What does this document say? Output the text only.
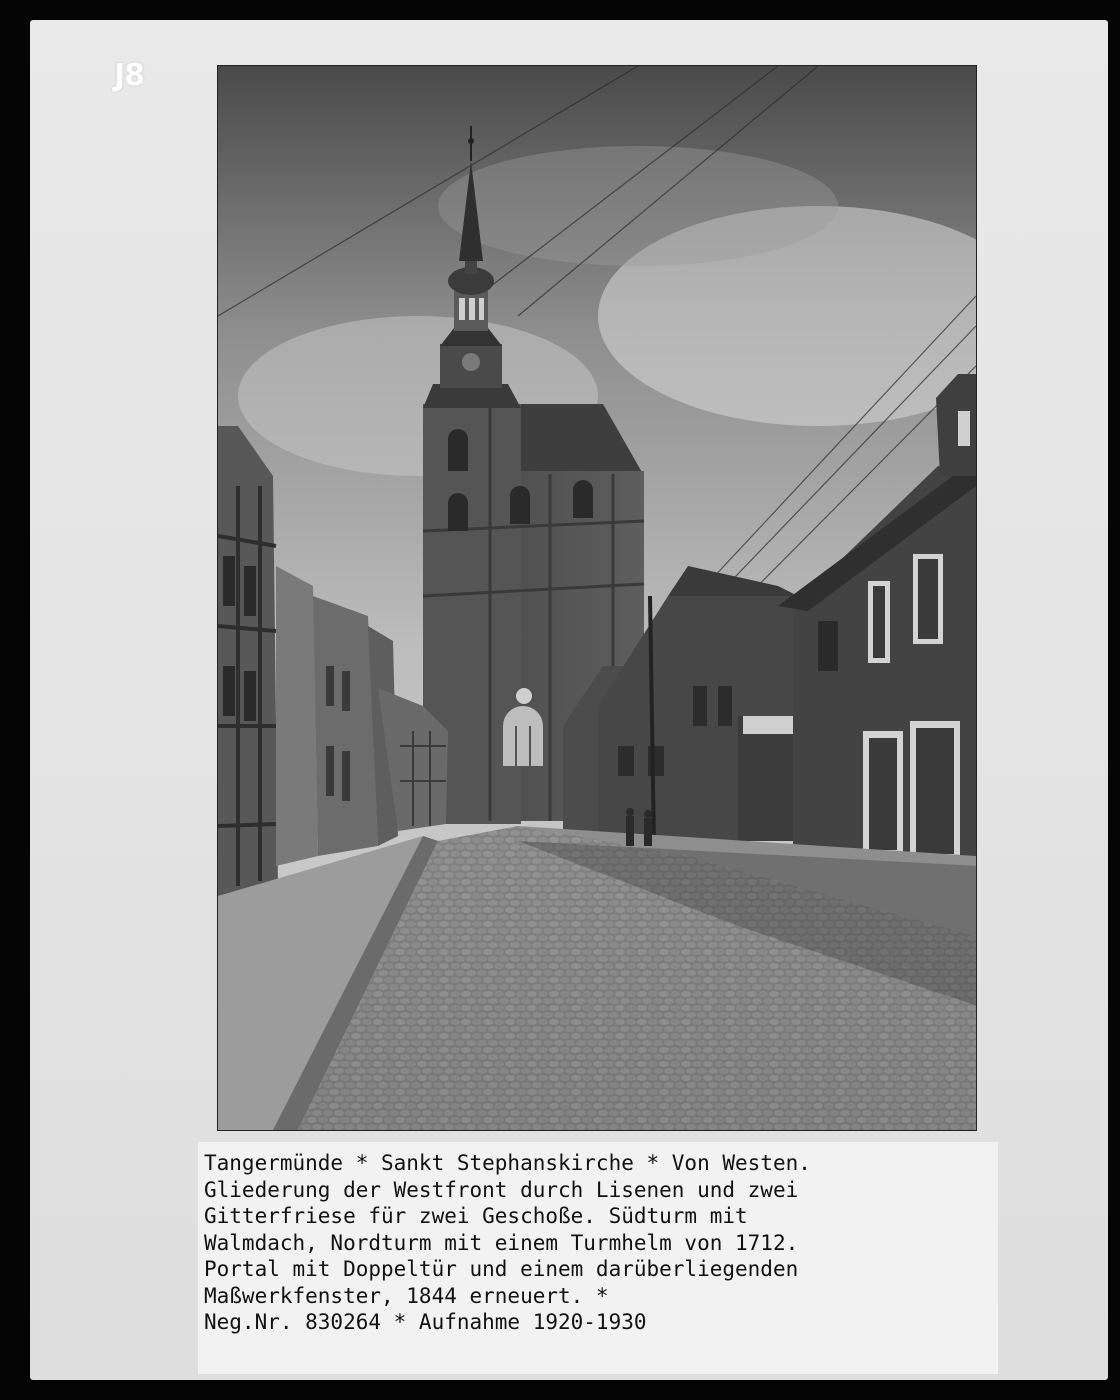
J8
Tangermünde * Sankt Stephanskirche * Von Westen.
Gliederung der Westfront durch Lisenen und zwei
Gitterfriese für zwei Geschoße. Südturm mit
Walmdach, Nordturm mit einem Turmhelm von 1712.
Portal mit Doppeltür und einem darüberliegenden
Maßwerkfenster, 1844 erneuert. *
Neg.Nr. 830264 * Aufnahme 1920-1930
